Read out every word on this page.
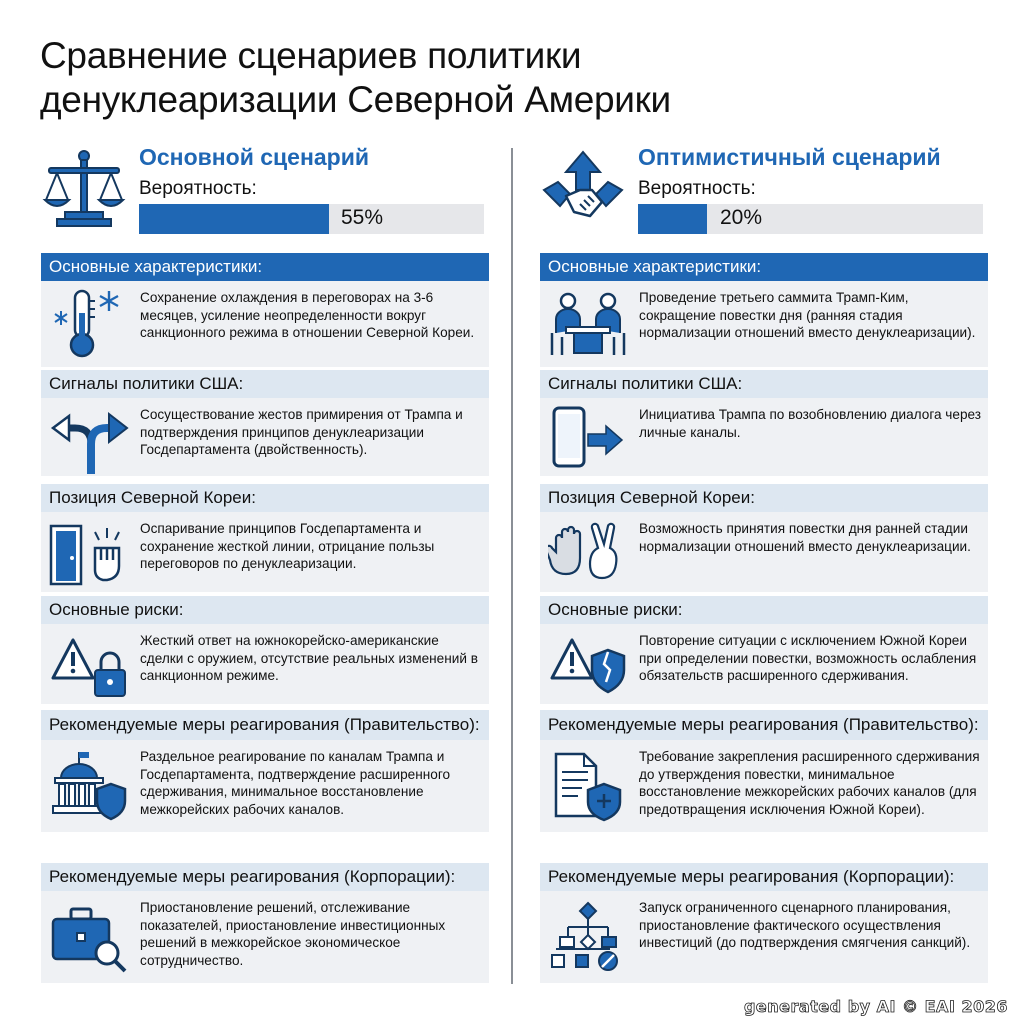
Сравнение сценариев политики
денуклеаризации Северной Америки
Основной сценарий
Вероятность:
55%
Основные характеристики:
Сохранение охлаждения в переговорах на 3-6 месяцев, усиление неопределенности вокруг санкционного режима в отношении Северной Кореи.
Сигналы политики США:
Сосуществование жестов примирения от Трампа и подтверждения принципов денуклеаризации Госдепартамента (двойственность).
Позиция Северной Кореи:
Оспаривание принципов Госдепартамента и сохранение жесткой линии, отрицание пользы переговоров по денуклеаризации.
Основные риски:
Жесткий ответ на южнокорейско-американские сделки с оружием, отсутствие реальных изменений в санкционном режиме.
Рекомендуемые меры реагирования (Правительство):
Раздельное реагирование по каналам Трампа и Госдепартамента, подтверждение расширенного сдерживания, минимальное восстановление межкорейских рабочих каналов.
Рекомендуемые меры реагирования (Корпорации):
Приостановление решений, отслеживание показателей, приостановление инвестиционных решений в межкорейское экономическое сотрудничество.
Оптимистичный сценарий
Вероятность:
20%
Основные характеристики:
Проведение третьего саммита Трамп-Ким, сокращение повестки дня (ранняя стадия нормализации отношений вместо денуклеаризации).
Сигналы политики США:
Инициатива Трампа по возобновлению диалога через личные каналы.
Позиция Северной Кореи:
Возможность принятия повестки дня ранней стадии нормализации отношений вместо денуклеаризации.
Основные риски:
Повторение ситуации с исключением Южной Кореи при определении повестки, возможность ослабления обязательств расширенного сдерживания.
Рекомендуемые меры реагирования (Правительство):
Требование закрепления расширенного сдерживания до утверждения повестки, минимальное восстановление межкорейских рабочих каналов (для предотвращения исключения Южной Кореи).
Рекомендуемые меры реагирования (Корпорации):
Запуск ограниченного сценарного планирования, приостановление фактического осуществления инвестиций (до подтверждения смягчения санкций).
generated by AI © EAI 2026
